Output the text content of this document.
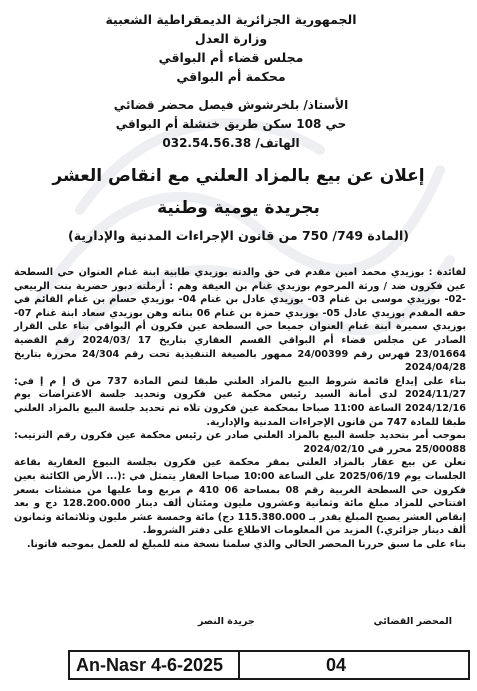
الجمهورية الجزائرية الديمقراطية الشعبية
وزارة العدل
مجلس قضاء أم البواقي
محكمة أم البواقي
الأستاذ/ بلخرشوش فيصل محضر قضائي
حي 108 سكن طريق خنشلة أم البواقي
الهاتف/ 032.54.56.38
إعلان عن بيع بالمزاد العلني مع انقاص العشر
بجريدة يومية وطنية
(المادة 749/ 750 من قانون الإجراءات المدنية والإدارية)

لفائدة : بوزيدي محمد امين مقدم في حق والدته بوزيدي طابية ابنة غنام العنوان حي السطحة عين فكرون ضد / ورثة المرحوم بوزيدي غنام بن العيفة وهم : أرملته دبوز حضرية بنت الربيعي -02- بوزيدي موسى بن غنام 03- بوزيدي عادل بن غنام 04- بوزيدي حسام بن غنام القائم في حقه المقدم بوزيدي عادل 05- بوزيدي حمزة بن غنام 06 بناته وهن بوزيدي سعاد ابنة غنام 07- بوزيدي سميرة ابنة غنام العنوان جميعا حي السطحة عين فكرون أم البواقي بناء على القرار الصادر عن مجلس قضاء أم البواقي القسم العقاري بتاريخ 17 /2024/03 رقم القضية 23/01664 فهرس رقم 24/00399 ممهور بالصيغة التنفيذية تحت رقم 24/304 محررة بتاريخ 2024/04/28

بناء على إيداع قائمة شروط البيع بالمزاد العلني طبقا لنص المادة 737 من ق إ م إ في: 2024/11/27 لدى أمانة السيد رئيس محكمة عين فكرون وتحديد جلسة الاعتراضات يوم 2024/12/16 الساعة 11:00 صباحا بمحكمة عين فكرون تلاه تم تحديد جلسة البيع بالمزاد العلني طبقا للمادة 747 من قانون الإجراءات المدنية والإدارية.

بموجب أمر بتحديد جلسة البيع بالمزاد العلني صادر عن رئيس محكمة عين فكرون رقم الترتيب: 25/00088 محرر في 2024/02/10

نعلن عن بيع عقار بالمزاد العلني بمقر محكمة عين فكرون بجلسة البيوع العقارية بقاعة الجلسات يوم 2025/06/19 على الساعة 10:00 صباحا العقار يتمثل في :(... الأرض الكائنة بعين فكرون حي السطحة الغربية رقم 08 بمساحة 06 410 م مربع وما عليها من منشئات بسعر افتتاحي للمزاد مبلغ مائة وثمانية وعشرون مليون ومئتان ألف دينار 128.200.000 دج و بعد إنقاص العشر يصبح المبلغ يقدر بـ 115.380.000 دج) مائة وخمسة عشر مليون وثلاثمائة وثمانون ألف دينار جزائري.) المزيد من المعلومات الاطلاع على دفتر الشروط.

بناء على ما سبق حررنا المحضر الحالي والذي سلمنا نسخة منه للمبلغ له للعمل بموجبه فاتونا.

المحضر القضائي
جريدة النصر
An-Nasr 4-6-2025	04
